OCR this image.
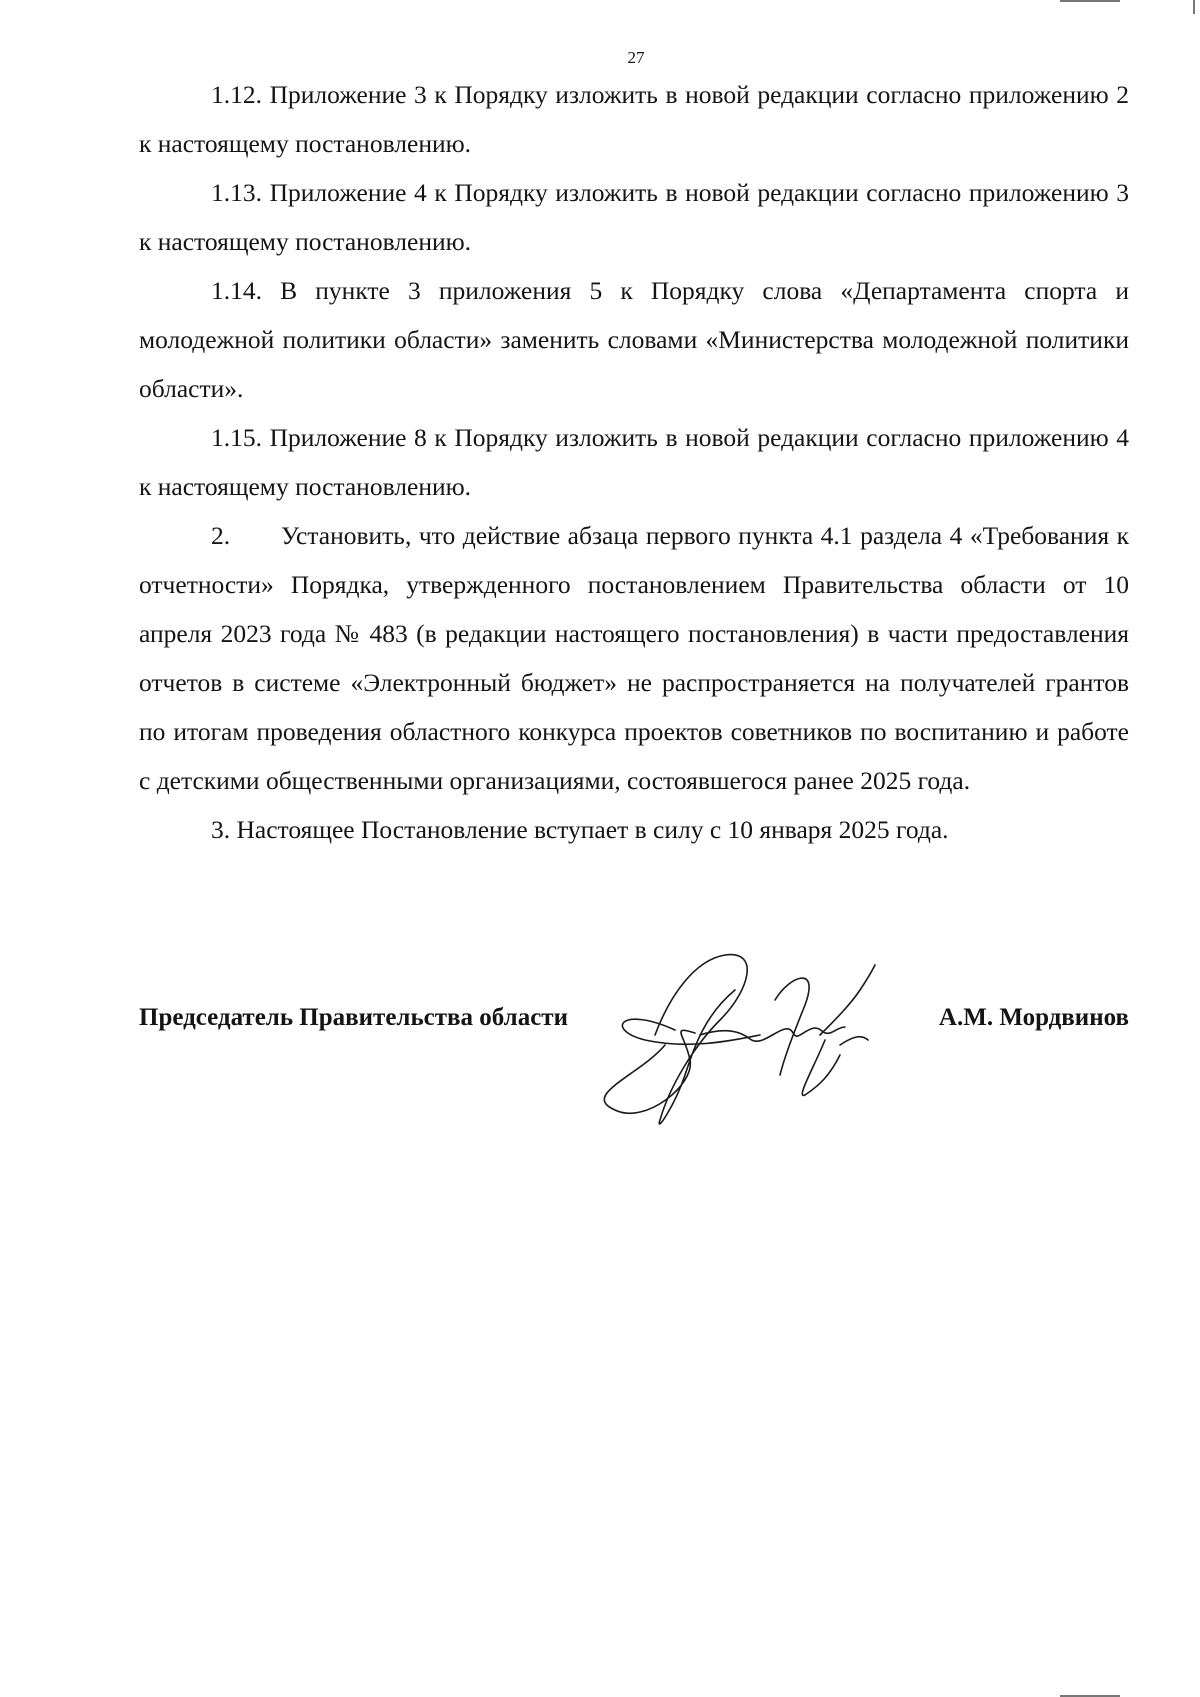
27

1.12. Приложение 3 к Порядку изложить в новой редакции согласно приложению 2 к настоящему постановлению.

1.13. Приложение 4 к Порядку изложить в новой редакции согласно приложению 3 к настоящему постановлению.

1.14. В пункте 3 приложения 5 к Порядку слова «Департамента спорта и молодежной политики области» заменить словами «Министерства молодежной политики области».

1.15. Приложение 8 к Порядку изложить в новой редакции согласно приложению 4 к настоящему постановлению.

2. Установить, что действие абзаца первого пункта 4.1 раздела 4 «Требования к отчетности» Порядка, утвержденного постановлением Правительства области от 10 апреля 2023 года № 483 (в редакции настоящего постановления) в части предоставления отчетов в системе «Электронный бюджет» не распространяется на получателей грантов по итогам проведения областного конкурса проектов советников по воспитанию и работе с детскими общественными организациями, состоявшегося ранее 2025 года.

3. Настоящее Постановление вступает в силу с 10 января 2025 года.

Председатель Правительства области	А.М. Мордвинов
